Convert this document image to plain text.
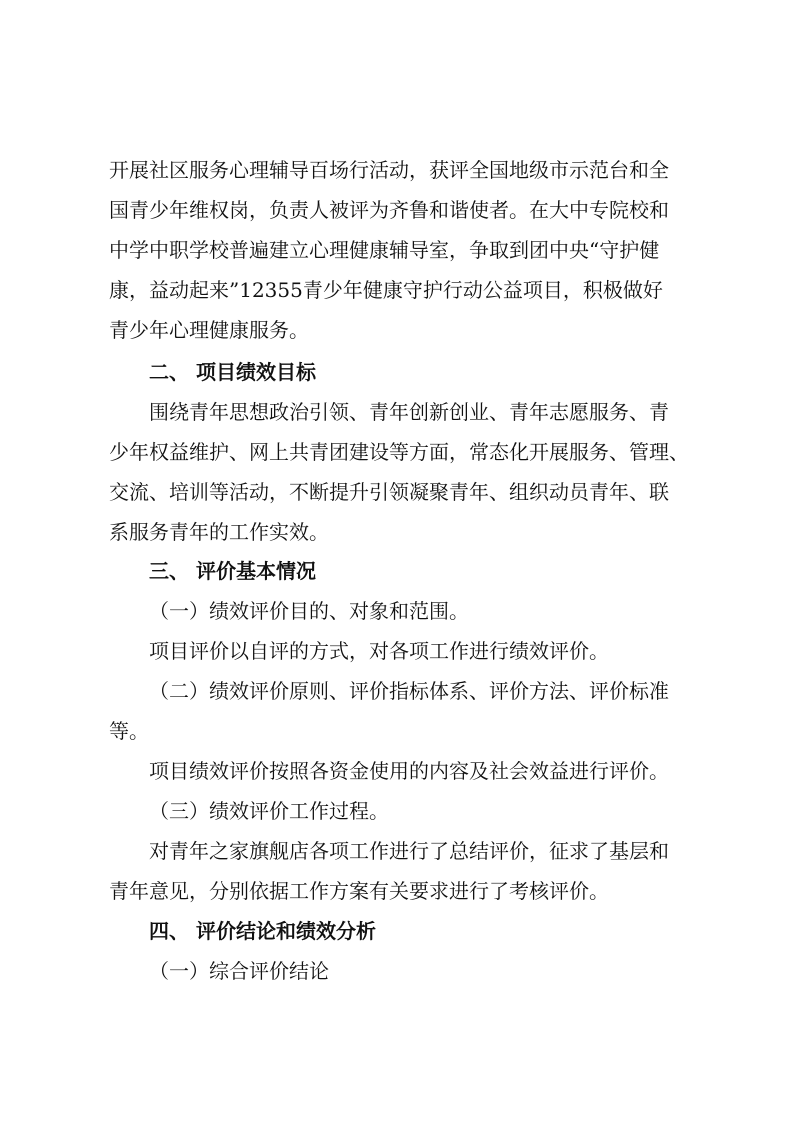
开展社区服务心理辅导百场行活动，获评全国地级市示范台和全
国青少年维权岗，负责人被评为齐鲁和谐使者。在大中专院校和
中学中职学校普遍建立心理健康辅导室，争取到团中央“守护健
康，益动起来”12355青少年健康守护行动公益项目，积极做好
青少年心理健康服务。
二、 项目绩效目标
围绕青年思想政治引领、青年创新创业、青年志愿服务、青
少年权益维护、网上共青团建设等方面，常态化开展服务、管理、
交流、培训等活动，不断提升引领凝聚青年、组织动员青年、联
系服务青年的工作实效。
三、 评价基本情况
（一）绩效评价目的、对象和范围。
项目评价以自评的方式，对各项工作进行绩效评价。
（二）绩效评价原则、评价指标体系、评价方法、评价标准
等。
项目绩效评价按照各资金使用的内容及社会效益进行评价。
（三）绩效评价工作过程。
对青年之家旗舰店各项工作进行了总结评价，征求了基层和
青年意见，分别依据工作方案有关要求进行了考核评价。
四、 评价结论和绩效分析
（一）综合评价结论
